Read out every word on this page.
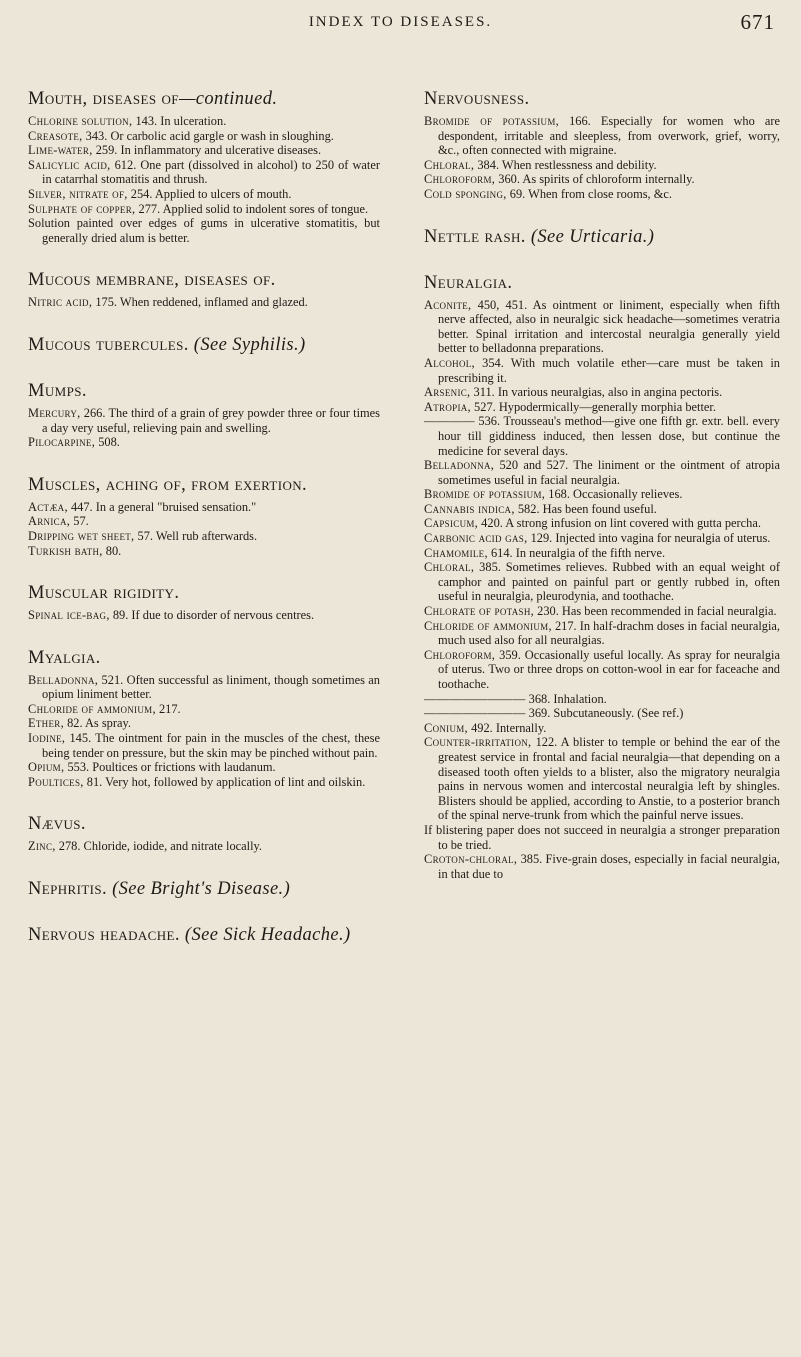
INDEX TO DISEASES.	671
Mouth, diseases of—continued.

Chlorine solution, 143. In ulceration.

Creasote, 343. Or carbolic acid gargle or wash in sloughing.

Lime-water, 259. In inflammatory and ulcerative diseases.

Salicylic acid, 612. One part (dissolved in alcohol) to 250 of water in catarrhal stomatitis and thrush.

Silver, nitrate of, 254. Applied to ulcers of mouth.

Sulphate of copper, 277. Applied solid to indolent sores of tongue.

Solution painted over edges of gums in ulcerative stomatitis, but generally dried alum is better.

Mucous membrane, diseases of.

Nitric acid, 175. When reddened, inflamed and glazed.

Mucous tubercules. (See Syphilis.)
Mumps.

Mercury, 266. The third of a grain of grey powder three or four times a day very useful, relieving pain and swelling.

Pilocarpine, 508.

Muscles, aching of, from exertion.

Actæa, 447. In a general "bruised sensation."

Arnica, 57.

Dripping wet sheet, 57. Well rub afterwards.

Turkish bath, 80.

Muscular rigidity.

Spinal ice-bag, 89. If due to disorder of nervous centres.

Myalgia.

Belladonna, 521. Often successful as liniment, though sometimes an opium liniment better.

Chloride of ammonium, 217.

Ether, 82. As spray.

Iodine, 145. The ointment for pain in the muscles of the chest, these being tender on pressure, but the skin may be pinched without pain.

Opium, 553. Poultices or frictions with laudanum.

Poultices, 81. Very hot, followed by application of lint and oilskin.

Nævus.

Zinc, 278. Chloride, iodide, and nitrate locally.

Nephritis. (See Bright's Disease.)
Nervous headache. (See Sick Headache.)
Nervousness.

Bromide of potassium, 166. Especially for women who are despondent, irritable and sleepless, from overwork, grief, worry, &c., often connected with migraine.

Chloral, 384. When restlessness and debility.

Chloroform, 360. As spirits of chloroform internally.

Cold sponging, 69. When from close rooms, &c.

Nettle rash. (See Urticaria.)
Neuralgia.

Aconite, 450, 451. As ointment or liniment, especially when fifth nerve affected, also in neuralgic sick headache—sometimes veratria better. Spinal irritation and intercostal neuralgia generally yield better to belladonna preparations.

Alcohol, 354. With much volatile ether—care must be taken in prescribing it.

Arsenic, 311. In various neuralgias, also in angina pectoris.

Atropia, 527. Hypodermically—generally morphia better.

———— 536. Trousseau's method—give one fifth gr. extr. bell. every hour till giddiness induced, then lessen dose, but continue the medicine for several days.

Belladonna, 520 and 527. The liniment or the ointment of atropia sometimes useful in facial neuralgia.

Bromide of potassium, 168. Occasionally relieves.

Cannabis indica, 582. Has been found useful.

Capsicum, 420. A strong infusion on lint covered with gutta percha.

Carbonic acid gas, 129. Injected into vagina for neuralgia of uterus.

Chamomile, 614. In neuralgia of the fifth nerve.

Chloral, 385. Sometimes relieves. Rubbed with an equal weight of camphor and painted on painful part or gently rubbed in, often useful in neuralgia, pleurodynia, and toothache.

Chlorate of potash, 230. Has been recommended in facial neuralgia.

Chloride of ammonium, 217. In half-drachm doses in facial neuralgia, much used also for all neuralgias.

Chloroform, 359. Occasionally useful locally. As spray for neuralgia of uterus. Two or three drops on cotton-wool in ear for faceache and toothache.

———————— 368. Inhalation.

———————— 369. Subcutaneously. (See ref.)

Conium, 492. Internally.

Counter-irritation, 122. A blister to temple or behind the ear of the greatest service in frontal and facial neuralgia—that depending on a diseased tooth often yields to a blister, also the migratory neuralgia pains in nervous women and intercostal neuralgia left by shingles. Blisters should be applied, according to Anstie, to a posterior branch of the spinal nerve-trunk from which the painful nerve issues.

If blistering paper does not succeed in neuralgia a stronger preparation to be tried.

Croton-chloral, 385. Five-grain doses, especially in facial neuralgia, in that due to
